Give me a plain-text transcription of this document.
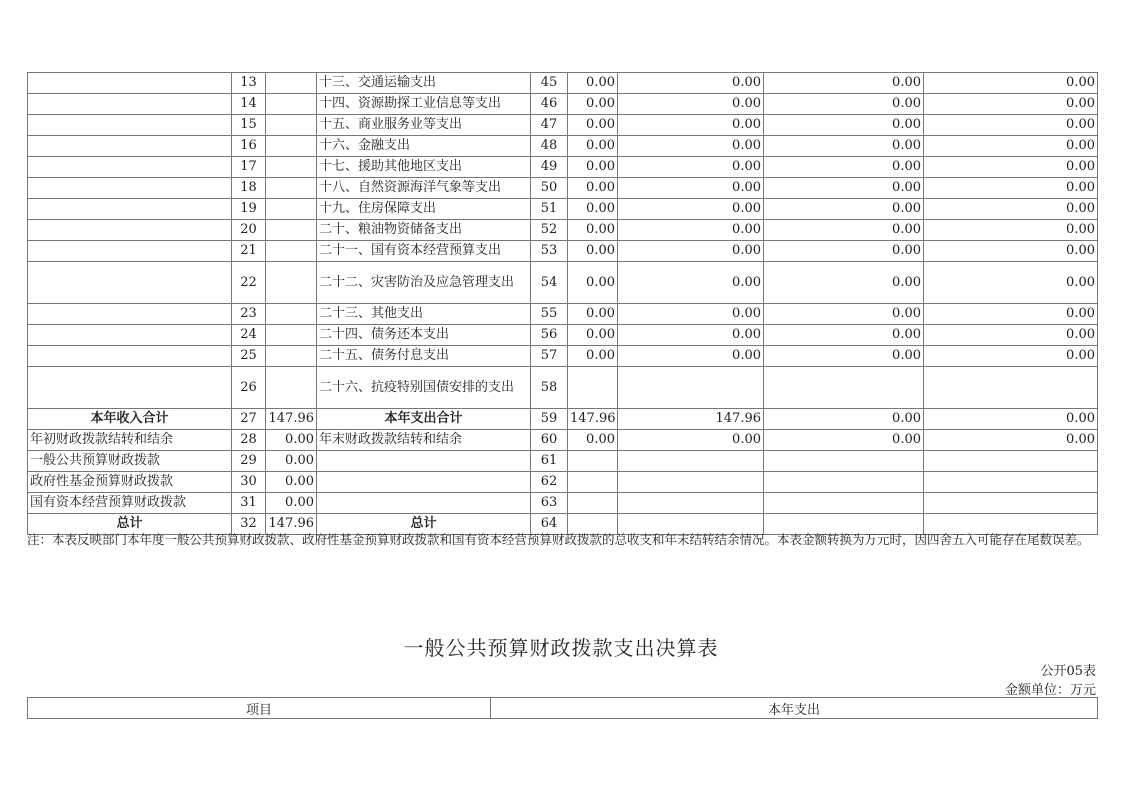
	13		十三、交通运输支出	45	0.00	0.00	0.00	0.00
	14		十四、资源勘探工业信息等支出	46	0.00	0.00	0.00	0.00
	15		十五、商业服务业等支出	47	0.00	0.00	0.00	0.00
	16		十六、金融支出	48	0.00	0.00	0.00	0.00
	17		十七、援助其他地区支出	49	0.00	0.00	0.00	0.00
	18		十八、自然资源海洋气象等支出	50	0.00	0.00	0.00	0.00
	19		十九、住房保障支出	51	0.00	0.00	0.00	0.00
	20		二十、粮油物资储备支出	52	0.00	0.00	0.00	0.00
	21		二十一、国有资本经营预算支出	53	0.00	0.00	0.00	0.00
	22		二十二、灾害防治及应急管理支出	54	0.00	0.00	0.00	0.00
	23		二十三、其他支出	55	0.00	0.00	0.00	0.00
	24		二十四、债务还本支出	56	0.00	0.00	0.00	0.00
	25		二十五、债务付息支出	57	0.00	0.00	0.00	0.00
	26		二十六、抗疫特别国债安排的支出	58				
本年收入合计	27	147.96	本年支出合计	59	147.96	147.96	0.00	0.00
年初财政拨款结转和结余	28	0.00	年末财政拨款结转和结余	60	0.00	0.00	0.00	0.00
一般公共预算财政拨款	29	0.00		61				
政府性基金预算财政拨款	30	0.00		62				
国有资本经营预算财政拨款	31	0.00		63				
总计	32	147.96	总计	64				
注：本表反映部门本年度一般公共预算财政拨款、政府性基金预算财政拨款和国有资本经营预算财政拨款的总收支和年末结转结余情况。本表金额转换为万元时，因四舍五入可能存在尾数误差。
一般公共预算财政拨款支出决算表
公开05表
金额单位：万元
项目	本年支出
